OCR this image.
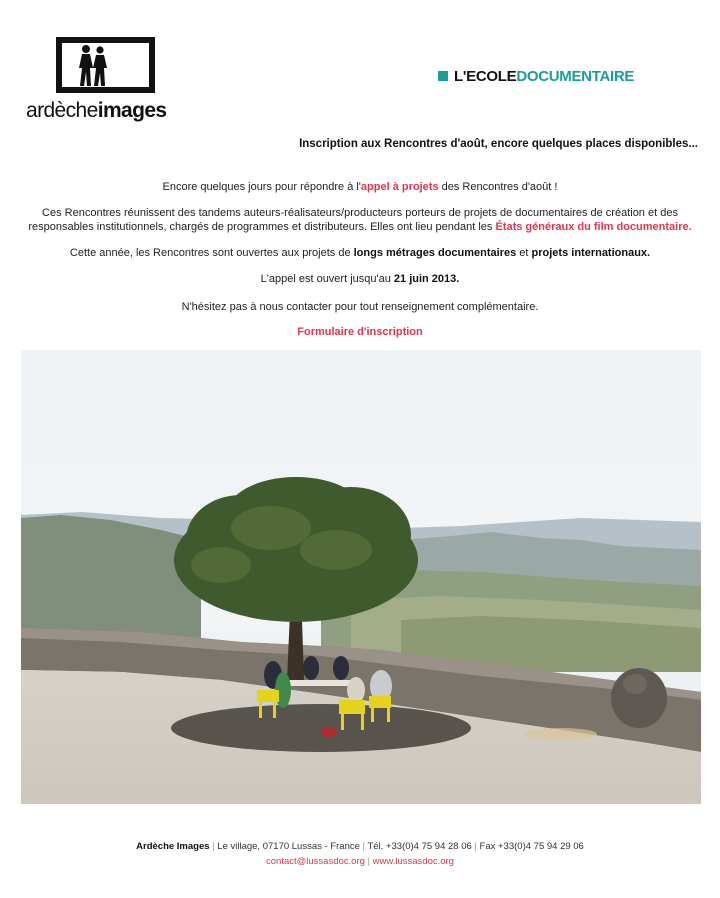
ardècheimages
L'ECOLEDOCUMENTAIRE
Inscription aux Rencontres d'août, encore quelques places disponibles...
Encore quelques jours pour répondre à l'appel à projets des Rencontres d'août !
Ces Rencontres réunissent des tandems auteurs-réalisateurs/producteurs porteurs de projets de documentaires de création et des
responsables institutionnels, chargés de programmes et distributeurs. Elles ont lieu pendant les États généraux du film documentaire.
Cette année, les Rencontres sont ouvertes aux projets de longs métrages documentaires et projets internationaux.
L'appel est ouvert jusqu'au 21 juin 2013.
N'hésitez pas à nous contacter pour tout renseignement complémentaire.
Formulaire d'inscription
Ardèche Images | Le village, 07170 Lussas - France | Tél. +33(0)4 75 94 28 06 | Fax +33(0)4 75 94 29 06
contact@lussasdoc.org | www.lussasdoc.org
